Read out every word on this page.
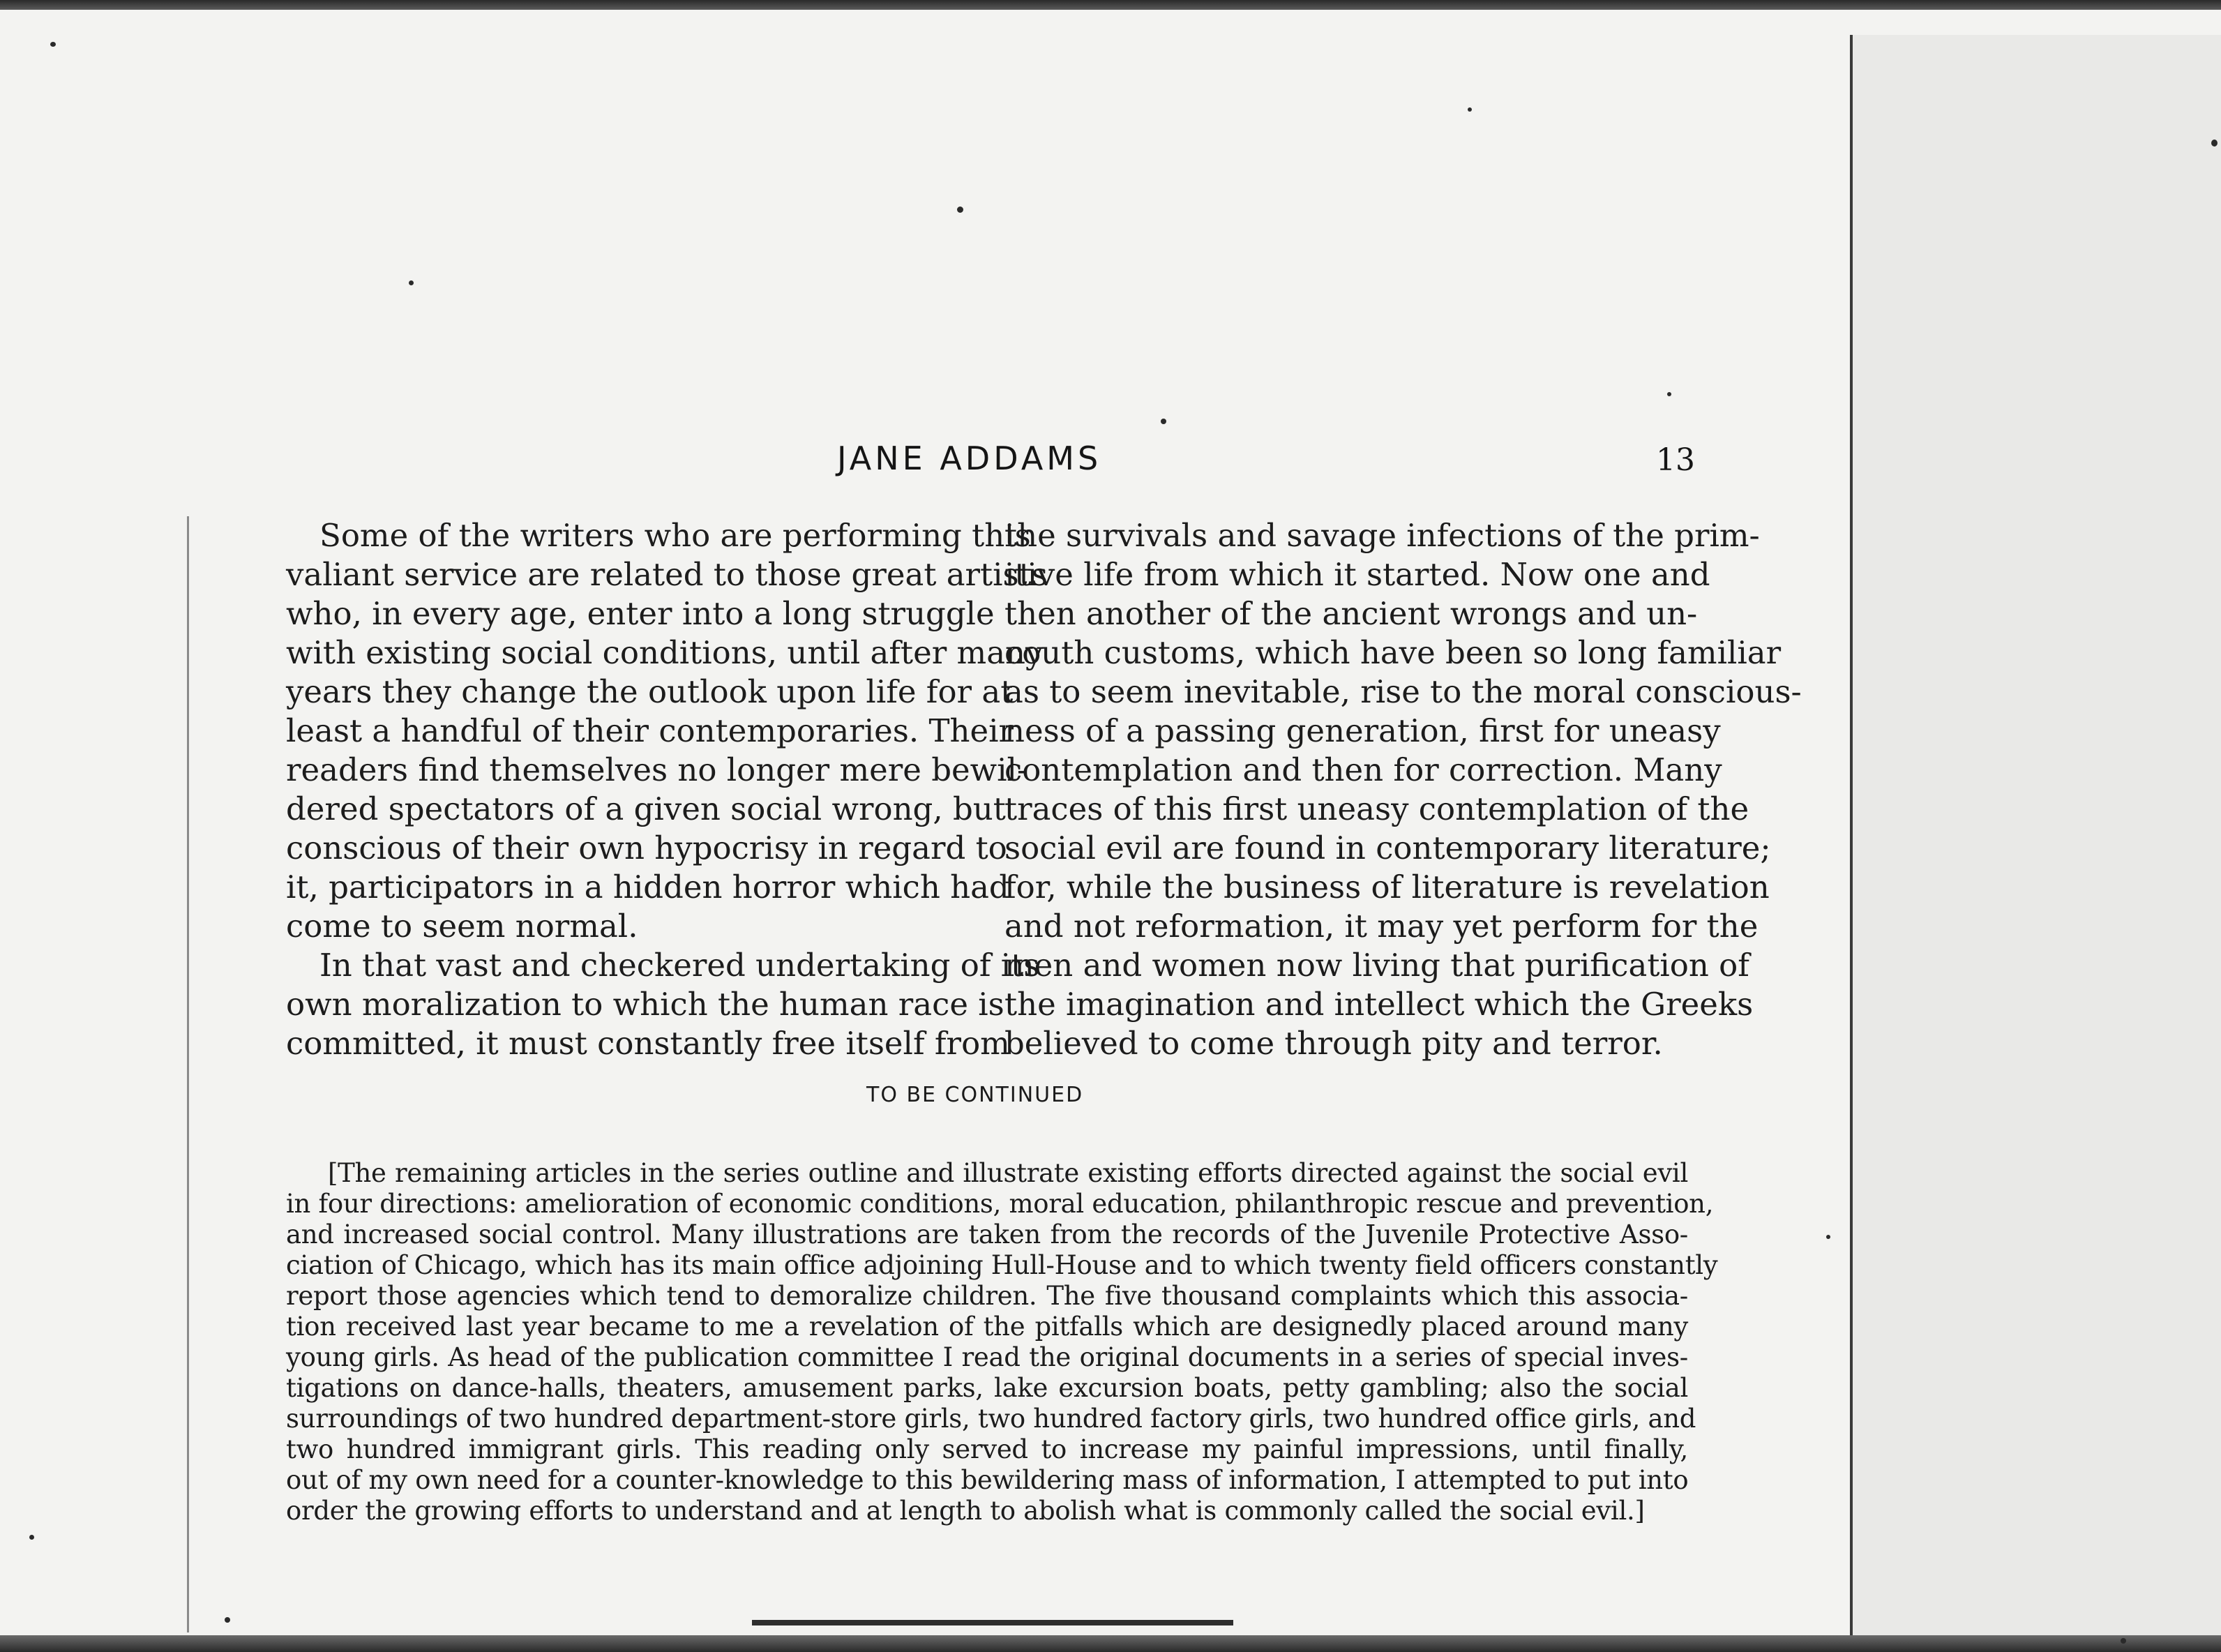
JANE ADDAMS	13
Some of the writers who are performing this
valiant service are related to those great artists
who, in every age, enter into a long struggle
with existing social conditions, until after many
years they change the outlook upon life for at
least a handful of their contemporaries. Their
readers find themselves no longer mere bewil-
dered spectators of a given social wrong, but
conscious of their own hypocrisy in regard to
it, participators in a hidden horror which had
come to seem normal.
In that vast and checkered undertaking of its
own moralization to which the human race is
committed, it must constantly free itself from
the survivals and savage infections of the prim-
itive life from which it started. Now one and
then another of the ancient wrongs and un-
couth customs, which have been so long familiar
as to seem inevitable, rise to the moral conscious-
ness of a passing generation, first for uneasy
contemplation and then for correction. Many
traces of this first uneasy contemplation of the
social evil are found in contemporary literature;
for, while the business of literature is revelation
and not reformation, it may yet perform for the
men and women now living that purification of
the imagination and intellect which the Greeks
believed to come through pity and terror.
TO BE CONTINUED
[The remaining articles in the series outline and illustrate existing efforts directed against the social evil
in four directions: amelioration of economic conditions, moral education, philanthropic rescue and prevention,
and increased social control. Many illustrations are taken from the records of the Juvenile Protective Asso-
ciation of Chicago, which has its main office adjoining Hull-House and to which twenty field officers constantly
report those agencies which tend to demoralize children. The five thousand complaints which this associa-
tion received last year became to me a revelation of the pitfalls which are designedly placed around many
young girls. As head of the publication committee I read the original documents in a series of special inves-
tigations on dance-halls, theaters, amusement parks, lake excursion boats, petty gambling; also the social
surroundings of two hundred department-store girls, two hundred factory girls, two hundred office girls, and
two hundred immigrant girls. This reading only served to increase my painful impressions, until finally,
out of my own need for a counter-knowledge to this bewildering mass of information, I attempted to put into
order the growing efforts to understand and at length to abolish what is commonly called the social evil.]
